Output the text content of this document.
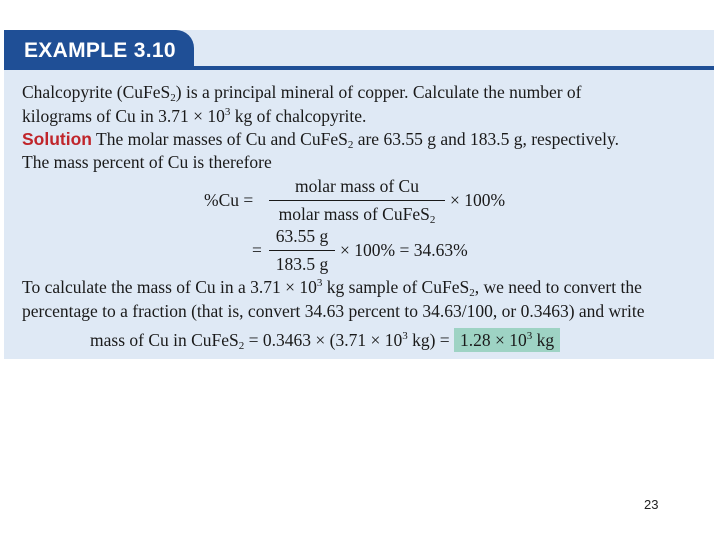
EXAMPLE 3.10
Chalcopyrite (CuFeS$_2$) is a principal mineral of copper. Calculate the number of
kilograms of Cu in $3.71 \times 10^3$ kg of chalcopyrite.
Solution The molar masses of Cu and CuFeS$_2$ are 63.55 g and 183.5 g, respectively.
The mass percent of Cu is therefore
%Cu =
molar mass of Cu
molar mass of CuFeS$_2$
× 100%
=
63.55 g
183.5 g
× 100% = 34.63%
To calculate the mass of Cu in a $3.71 \times 10^3$ kg sample of CuFeS$_2$, we need to convert the
percentage to a fraction (that is, convert 34.63 percent to 34.63/100, or 0.3463) and write
mass of Cu in CuFeS$_2$ = $0.3463 \times (3.71 \times 10^3$ $kg) = 1.28 \times 10^3$ kg
23
